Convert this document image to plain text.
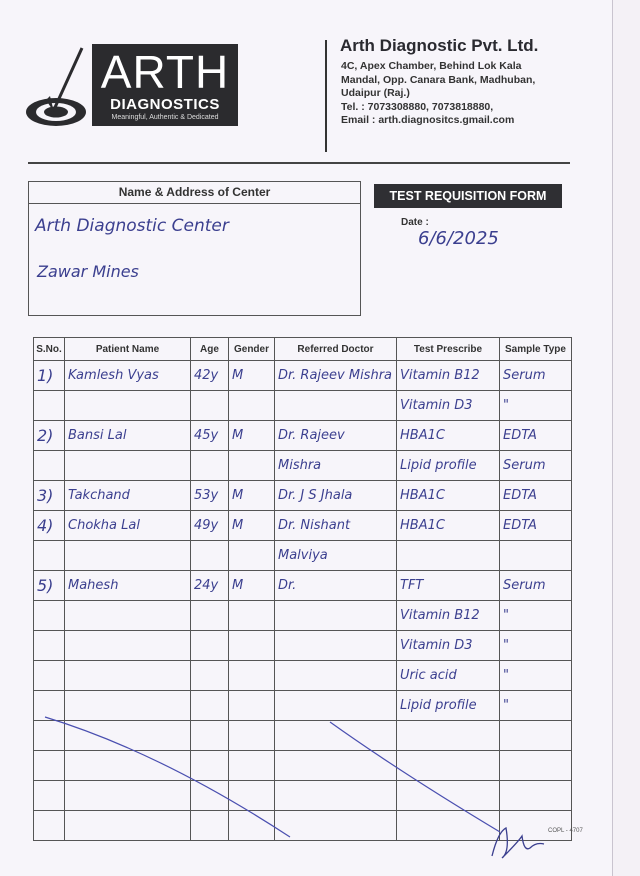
ARTH
DIAGNOSTICS
Meaningful, Authentic & Dedicated
Arth Diagnostic Pvt. Ltd.
4C, Apex Chamber, Behind Lok Kala
Mandal, Opp. Canara Bank, Madhuban,
Udaipur (Raj.)
Tel. : 7073308880, 7073818880,
Email : arth.diagnositcs.gmail.com
Name & Address of Center
Arth Diagnostic Center
Zawar Mines
TEST REQUISITION FORM
Date :
6/6/2025
S.No.	Patient Name	Age	Gender	Referred Doctor	Test Prescribe	Sample Type

1)	Kamlesh Vyas	42y	M	Dr. Rajeev Mishra	Vitamin B12	Serum

					Vitamin D3	"

2)	Bansi Lal	45y	M	Dr. Rajeev	HBA1C	EDTA

				Mishra	Lipid profile	Serum

3)	Takchand	53y	M	Dr. J S Jhala	HBA1C	EDTA

4)	Chokha Lal	49y	M	Dr. Nishant	HBA1C	EDTA

				Malviya		

5)	Mahesh	24y	M	Dr.	TFT	Serum

					Vitamin B12	"

					Vitamin D3	"

					Uric acid	"

					Lipid profile	"

COPL - 4707
